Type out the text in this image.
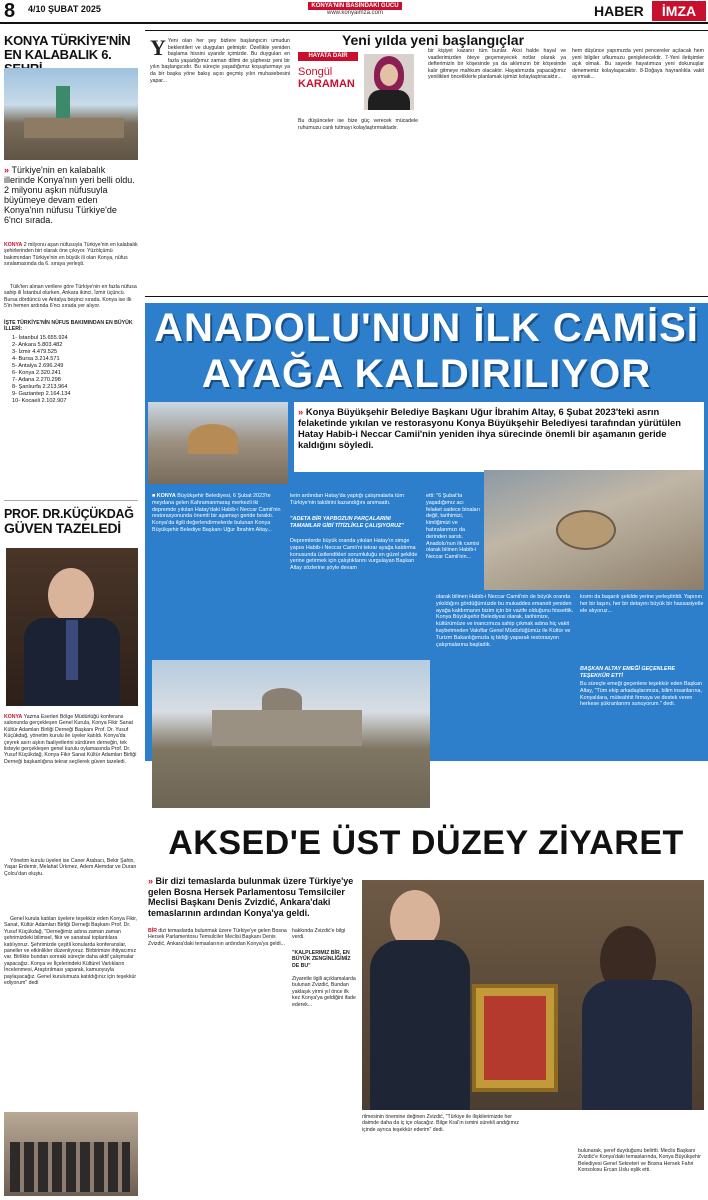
8 4/10 ŞUBAT 2025	KONYA'NIN BASINDAKİ GÜCÜ
www.konyaimza.com	HABER	İMZA
KONYA TÜRKİYE'NİN
EN KALABALIK 6.
» Türkiye'nin en kalabalık illerinde Konya'nın yeri belli oldu. 2 milyonu aşkın nüfusuyla büyümeye devam eden Konya'nın nüfusu Türkiye'de 6'ncı sırada.
KONYA 2 milyonu aşan nüfusuyla Türkiye'nin en kalabalık şehirlerinden biri olarak öne çıkıyor. Yüzölçümü bakımından Türkiye'nin en büyük ili olan Konya, nüfus sıralamasında da 6. sıraya yerleşti.
Tüik'ten alınan verilere göre Türkiye'nin en fazla nüfusa sahip ili İstanbul olurken, Ankara ikinci, İzmir üçüncü. Bursa dördüncü ve Antalya beşinci sırada. Konya ise ilk 5'in hemen ardında 6'ncı sırada yer alıyor.
İŞTE TÜRKİYE'NİN NÜFUS BAKIMINDAN EN BÜYÜK İLLERİ:
1- İstanbul 15.655.924
2- Ankara 5.803.482
3- İzmir 4.479.525
4- Bursa 3.214.571
5- Antalya 2.696.249
6- Konya 2.320.241
7- Adana 2.270.298
8- Şanlıurfa 2.213.964
9- Gaziantep 2.164.134
10- Kocaeli 2.102.907
PROF. DR.KÜÇÜKDAĞ
GÜVEN TAZELEDİ
KONYA Yazma Eserleri Bölge Müdürlüğü konferans salonunda gerçekleşen Genel Kurula, Konya Fikir Sanat Kültür Adamları Birliği Derneği Başkanı Prof. Dr. Yusuf Küçükdağ, yönetim kurulu ile üyeler katıldı. Konya'da çeyrek asırı aşkın faaliyetlerini sürdüren derneğin, tek listeyle gerçekleşen genel kurulu oylamasında Prof. Dr. Yusuf Küçükdağ, Konya Fikir Sanat Kültür Adamları Birliği Derneği başkanlığına tekrar seçilerek güven tazeledi.
Yönetim kurulu üyeleri ise Caner Arabacı, Bekir Şahin, Yaşar Erdemir, Melahat Ürkmez, Adem Alemdar ve Duran Çolcu'dan oluştu.
Genel kurula katılan üyelere teşekkür eden Konya Fikir, Sanat, Kültür Adamları Birliği Derneği Başkanı Prof. Dr. Yusuf Küçükdağ, "Derneğimiz adına zaman zaman şehrimizdeki bilimsel, fikir ve sanatsal toplantılara katılıyoruz. Şehrimizde çeşitli konularda konferanslar, paneller ve etkinlikler düzenliyoruz. Birbirimize ihtiyacımız var. Birlikte bundan sonraki süreçte daha aktif çalışmalar yapacağız. Konya ve İlçelerindeki Kültürel Varlıkların İncelenmesi, Araştırılması yaparak, kamuoyuyla paylaşacağız. Genel kurulumuza katıldığınız için teşekkür ediyorum" dedi
Y Yeni olan her şey bizlere başlangıcın umudun beklentileri ve duyguları gelmiştir. Özellikle yeniden başlama hissini uyandır içimizde. Bu duyguları en fazla yaşadığımız zaman dilimi de şüphesiz yeni bir yılın başlangıcıdır. Bu süreçte yaşadığımız koşuşturmayı ya da bir başka yöne bakış açısı geçmiş yılın muhasebesini yapar...
Yeni yılda yeni başlangıçlar
HAYATA DAİR
Songül
KARAMAN
Bu düşünceler ise bize güç verecek mücadele ruhumuzu canlı tutmayı kolaylaştırmaktadır.
bir kişiyet kazanır tüm bunlar. Aksi halde hayal ve vaatlerimizden öteye geçemeyecek notlar olarak ya defterimizin bir köşesinde ya da aklımızın bir köşesinde kalır gitmeye mahkum olacaktır. Hayatımızda yapacağımız yenilikleri önceliklerle planlamak işimizi kolaylaştıracaktır...
hem düşünce yapımızda yeni pencereler açılacak hem yeni bilgiler ufkumuzu genişletecektir. 7-Yeni iletişimler açık olmak. Bu sayede hayatımıza yeni dokunuşlar denememiz kolaylaşacaktır. 8-Doğaya hayranlıkla vakit ayırmak...
ANADOLU'NUN İLK CAMİSİ
AYAĞA KALDIRILIYOR
» Konya Büyükşehir Belediye Başkanı Uğur İbrahim Altay, 6 Şubat 2023'teki asrın felaketinde yıkılan ve restorasyonu Konya Büyükşehir Belediyesi tarafından yürütülen Hatay Habib-i Neccar Camii'nin yeniden ihya sürecinde önemli bir aşamanın geride kaldığını söyledi.
■ KONYA Büyükşehir Belediyesi, 6 Şubat 2023'te meydana gelen Kahramanmaraş merkezli iki depremde yıkılan Hatay'daki Habib-i Neccar Camii'nin restorasyonunda önemli bir aşamayı geride bıraktı. Konya'da ilgili değerlendirmelerde bulunan Konya Büyükşehir Belediye Başkanı Uğur İbrahim Altay...
lerin ardından Hatay'da yaptığı çalışmalarla tüm Türkiye'nin takdirini kazandığını anımsattı.
"ADETA BİR YAPBOZUN PARÇALARINI TAMAMLAR GİBİ TİTİZLİKLE ÇALIŞIYORUZ"
Depremlerde büyük oranda yıkılan Hatay'ın simge yapısı Habib-i Neccar Camii'ni tekrar ayağa kaldırma konusunda üstlendikleri sorumluluğu en güzel şekilde yerine getirmek için çalıştıklarını vurgulayan Başkan Altay sözlerine şöyle devam
etti: "6 Şubat'ta yaşadığımız acı felaket sadece binaları değil, tarihimizi, kimliğimizi ve hatıralarımızı da derinden sarstı. Anadolu'nun ilk camisi olarak bilinen Habib-i Neccar Camii'nin...
olarak bilinen Habib-i Neccar Camii'nin de büyük oranda yıkıldığını gördüğümüzde bu mukaddes emaneti yeniden ayağa kaldırmanın bizim için bir vazife olduğunu hissettik. Konya Büyükşehir Belediyesi olarak, tarihimize, kültürümüze ve inancımıza sahip çıkmak adına hiç vakit kaybetmeden Vakıflar Genel Müdürlüğümüz ile Kültür ve Turizm Bakanlığımızla iş birliği yaparak restorasyon çalışmalarına başladık.
kısmı da başarılı şekilde yerine yerleştirildi. Yapının her bir taşını, her bir detayını büyük bir hassasiyetle ele alıyoruz...
BAŞKAN ALTAY EMEĞİ GEÇENLERE TEŞEKKÜR ETTİ
Bu süreçte emeği geçenlere teşekkür eden Başkan Altay, "Tüm ekip arkadaşlarımıza, bilim insanlarına, Konyalılara, müteahhit firmaya ve destek veren herkese şükranlarımı sunuyorum." dedi.
AKSED'E ÜST DÜZEY ZİYARET
» Bir dizi temaslarda bulunmak üzere Türkiye'ye gelen Bosna Hersek Parlamentosu Temsilciler Meclisi Başkanı Denis Zvizdić, Ankara'daki temaslarının ardından Konya'ya geldi.
BİR dizi temaslarda bulunmak üzere Türkiye'ye gelen Bosna Hersek Parlamentosu Temsilciler Meclisi Başkanı Denis Zvizdić, Ankara'daki temaslarının ardından Konya'ya geldi...
hakkında Zvizdić'e bilgi verdi.
"KALPLERIMIZ BİR, EN BÜYÜK ZENGİNLİĞİMİZ DE BU"
Ziyaretle ilgili açıklamalarda bulunan Zvizdić, Bundan yaklaşık yirmi yıl önce ilk kez Konya'ya geldiğini ifade ederek...
rilmesinin önemine değinen Zvizdić, "Türkiye ile ilişkilerimizde her daimde daha da iç içe olacağız. Bilge Kral'ın ismini sürekli andığımız içinde ayrıca teşekkür ederim" dedi.
bulunarak, şeref duyduğunu belirtti. Meclis Başkanı Zvizdić'e Konya'daki temaslarında, Konya Büyükşehir Belediyesi Genel Sekreteri ve Bosna Hersek Fahri Konsolosu Ercan Uslu eşlik etti.
